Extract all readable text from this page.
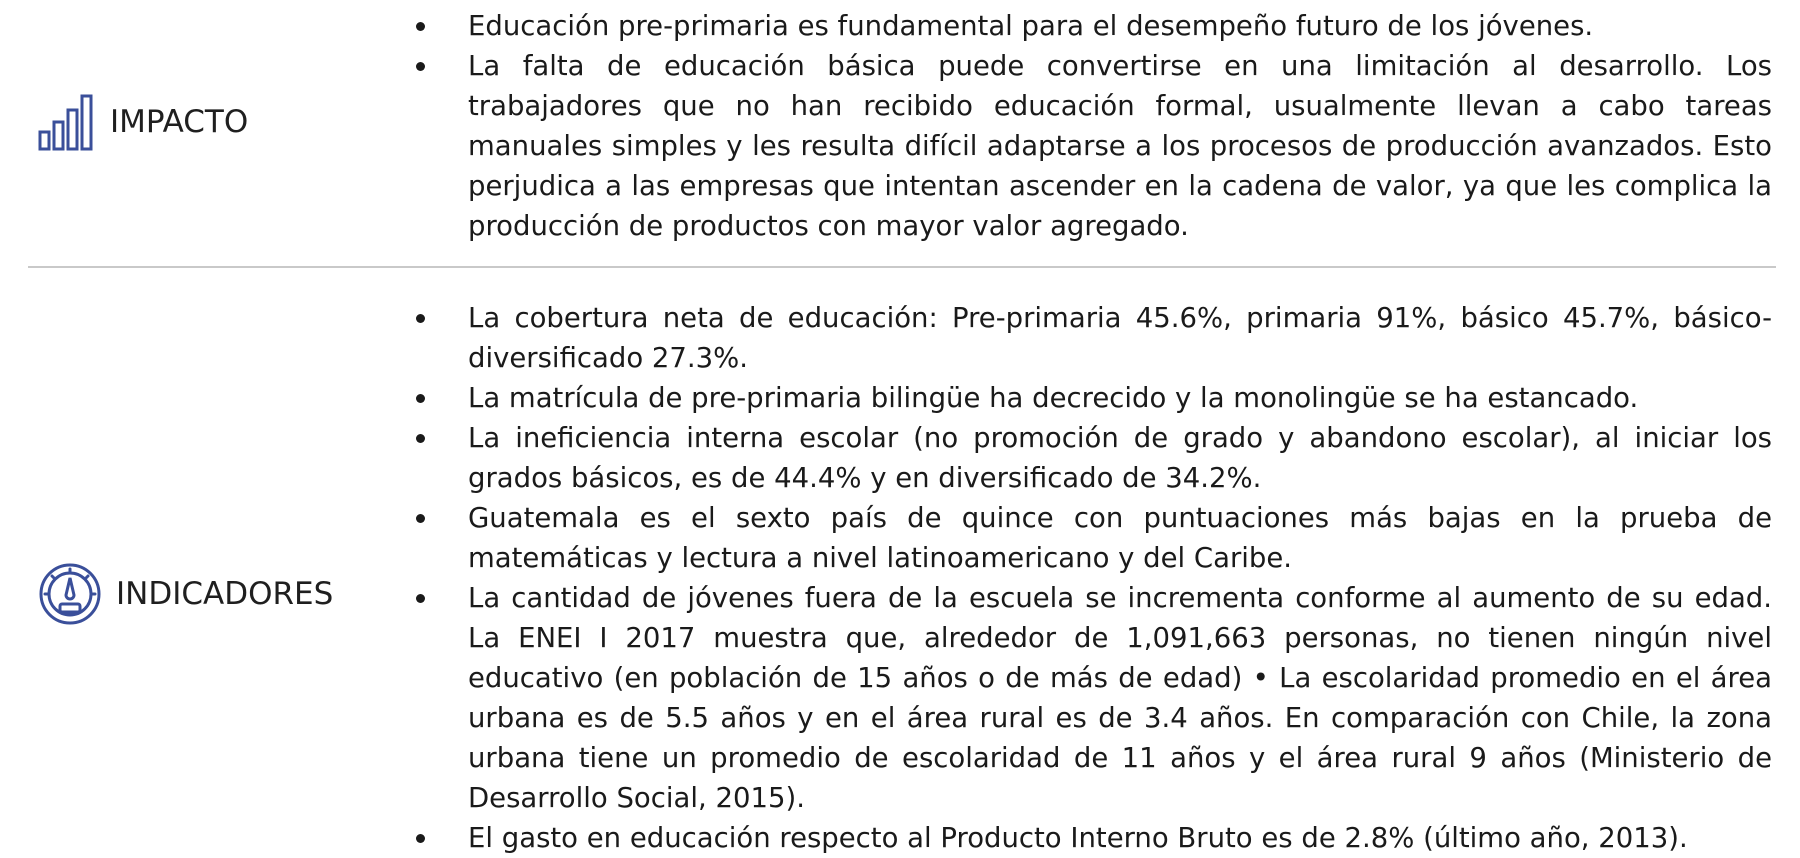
IMPACTO
Educación pre-primaria es fundamental para el desempeño futuro de los jóvenes.
La falta de educación básica puede convertirse en una limitación al desarrollo. Los trabajadores que no han recibido educación formal, usualmente llevan a cabo tareas manuales simples y les resulta difícil adaptarse a los procesos de producción avanzados. Esto perjudica a las empresas que intentan ascender en la cadena de valor, ya que les complica la producción de productos con mayor valor agregado.
INDICADORES
La cobertura neta de educación: Pre-primaria 45.6%, primaria 91%, básico 45.7%, básico-diversificado 27.3%.
La matrícula de pre-primaria bilingüe ha decrecido y la monolingüe se ha estancado.
La ineficiencia interna escolar (no promoción de grado y abandono escolar), al iniciar los grados básicos, es de 44.4% y en diversificado de 34.2%.
Guatemala es el sexto país de quince con puntuaciones más bajas en la prueba de matemáticas y lectura a nivel latinoamericano y del Caribe.
La cantidad de jóvenes fuera de la escuela se incrementa conforme al aumento de su edad. La ENEI I 2017 muestra que, alrededor de 1,091,663 personas, no tienen ningún nivel educativo (en población de 15 años o de más de edad) • La escolaridad promedio en el área urbana es de 5.5 años y en el área rural es de 3.4 años. En comparación con Chile, la zona urbana tiene un promedio de escolaridad de 11 años y el área rural 9 años (Ministerio de Desarrollo Social, 2015).
El gasto en educación respecto al Producto Interno Bruto es de 2.8% (último año, 2013).
